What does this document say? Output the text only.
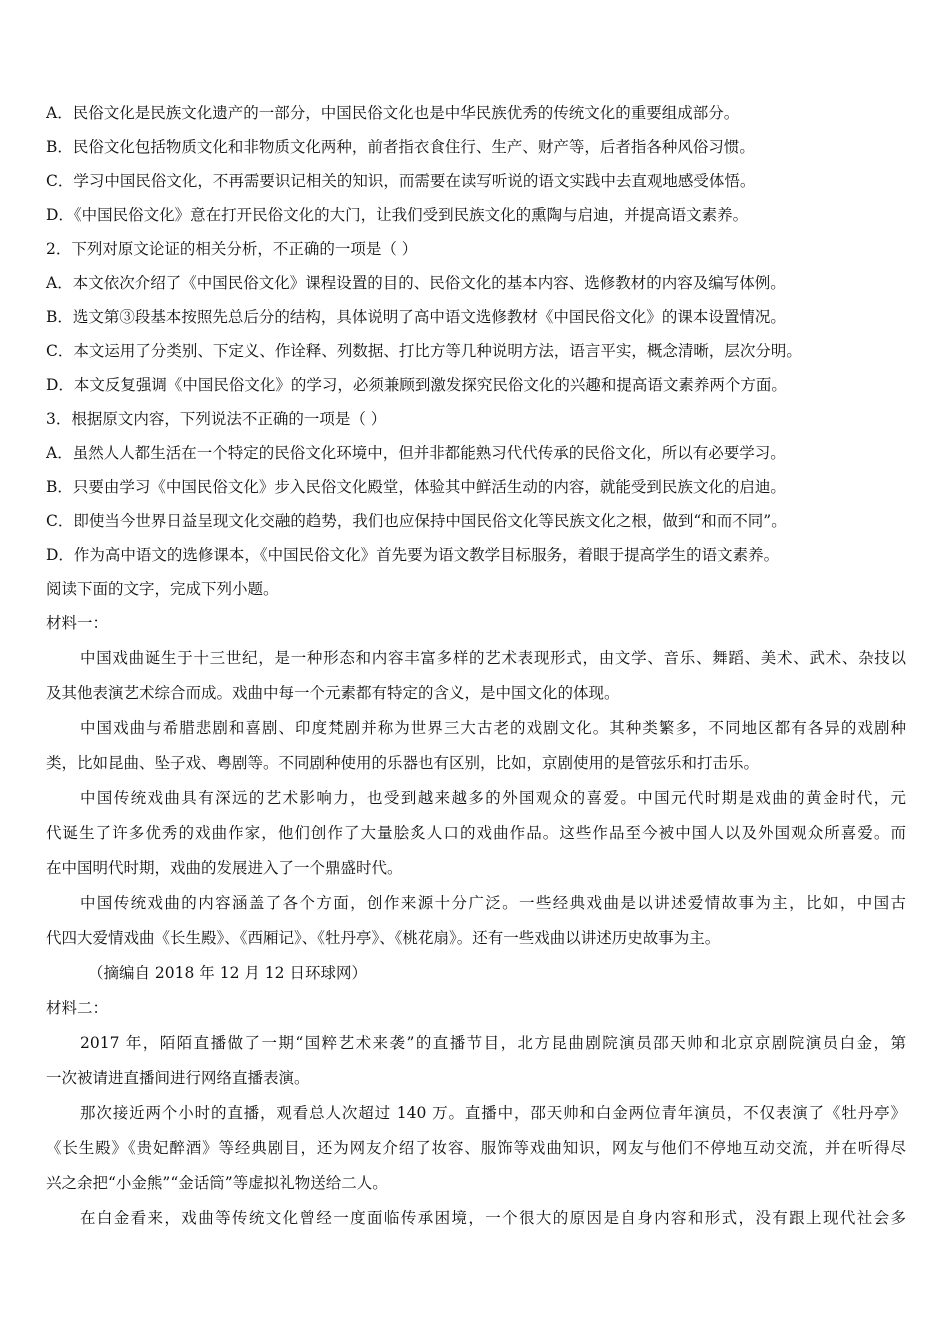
A．民俗文化是民族文化遗产的一部分，中国民俗文化也是中华民族优秀的传统文化的重要组成部分。
B．民俗文化包括物质文化和非物质文化两种，前者指衣食住行、生产、财产等，后者指各种风俗习惯。
C．学习中国民俗文化，不再需要识记相关的知识，而需要在读写听说的语文实践中去直观地感受体悟。
D．《中国民俗文化》意在打开民俗文化的大门，让我们受到民族文化的熏陶与启迪，并提高语文素养。
2．下列对原文论证的相关分析，不正确的一项是（ ）
A．本文依次介绍了《中国民俗文化》课程设置的目的、民俗文化的基本内容、选修教材的内容及编写体例。
B．选文第③段基本按照先总后分的结构，具体说明了高中语文选修教材《中国民俗文化》的课本设置情况。
C．本文运用了分类别、下定义、作诠释、列数据、打比方等几种说明方法，语言平实，概念清晰，层次分明。
D．本文反复强调《中国民俗文化》的学习，必须兼顾到激发探究民俗文化的兴趣和提高语文素养两个方面。
3．根据原文内容，下列说法不正确的一项是（ ）
A．虽然人人都生活在一个特定的民俗文化环境中，但并非都能熟习代代传承的民俗文化，所以有必要学习。
B．只要由学习《中国民俗文化》步入民俗文化殿堂，体验其中鲜活生动的内容，就能受到民族文化的启迪。
C．即使当今世界日益呈现文化交融的趋势，我们也应保持中国民俗文化等民族文化之根，做到“和而不同”。
D．作为高中语文的选修课本，《中国民俗文化》首先要为语文教学目标服务，着眼于提高学生的语文素养。
阅读下面的文字，完成下列小题。
材料一：
中国戏曲诞生于十三世纪，是一种形态和内容丰富多样的艺术表现形式，由文学、音乐、舞蹈、美术、武术、杂技以
及其他表演艺术综合而成。戏曲中每一个元素都有特定的含义，是中国文化的体现。
中国戏曲与希腊悲剧和喜剧、印度梵剧并称为世界三大古老的戏剧文化。其种类繁多，不同地区都有各异的戏剧种
类，比如昆曲、坠子戏、粤剧等。不同剧种使用的乐器也有区别，比如，京剧使用的是管弦乐和打击乐。
中国传统戏曲具有深远的艺术影响力，也受到越来越多的外国观众的喜爱。中国元代时期是戏曲的黄金时代，元
代诞生了许多优秀的戏曲作家，他们创作了大量脍炙人口的戏曲作品。这些作品至今被中国人以及外国观众所喜爱。而
在中国明代时期，戏曲的发展进入了一个鼎盛时代。
中国传统戏曲的内容涵盖了各个方面，创作来源十分广泛。一些经典戏曲是以讲述爱情故事为主，比如，中国古
代四大爱情戏曲《长生殿》、《西厢记》、《牡丹亭》、《桃花扇》。还有一些戏曲以讲述历史故事为主。
（摘编自 2018 年 12 月 12 日环球网）
材料二：
2017 年，陌陌直播做了一期“国粹艺术来袭”的直播节目，北方昆曲剧院演员邵天帅和北京京剧院演员白金，第
一次被请进直播间进行网络直播表演。
那次接近两个小时的直播，观看总人次超过 140 万。直播中，邵天帅和白金两位青年演员，不仅表演了《牡丹亭》
《长生殿》《贵妃醉酒》等经典剧目，还为网友介绍了妆容、服饰等戏曲知识，网友与他们不停地互动交流，并在听得尽
兴之余把“小金熊”“金话筒”等虚拟礼物送给二人。
在白金看来，戏曲等传统文化曾经一度面临传承困境，一个很大的原因是自身内容和形式，没有跟上现代社会多
